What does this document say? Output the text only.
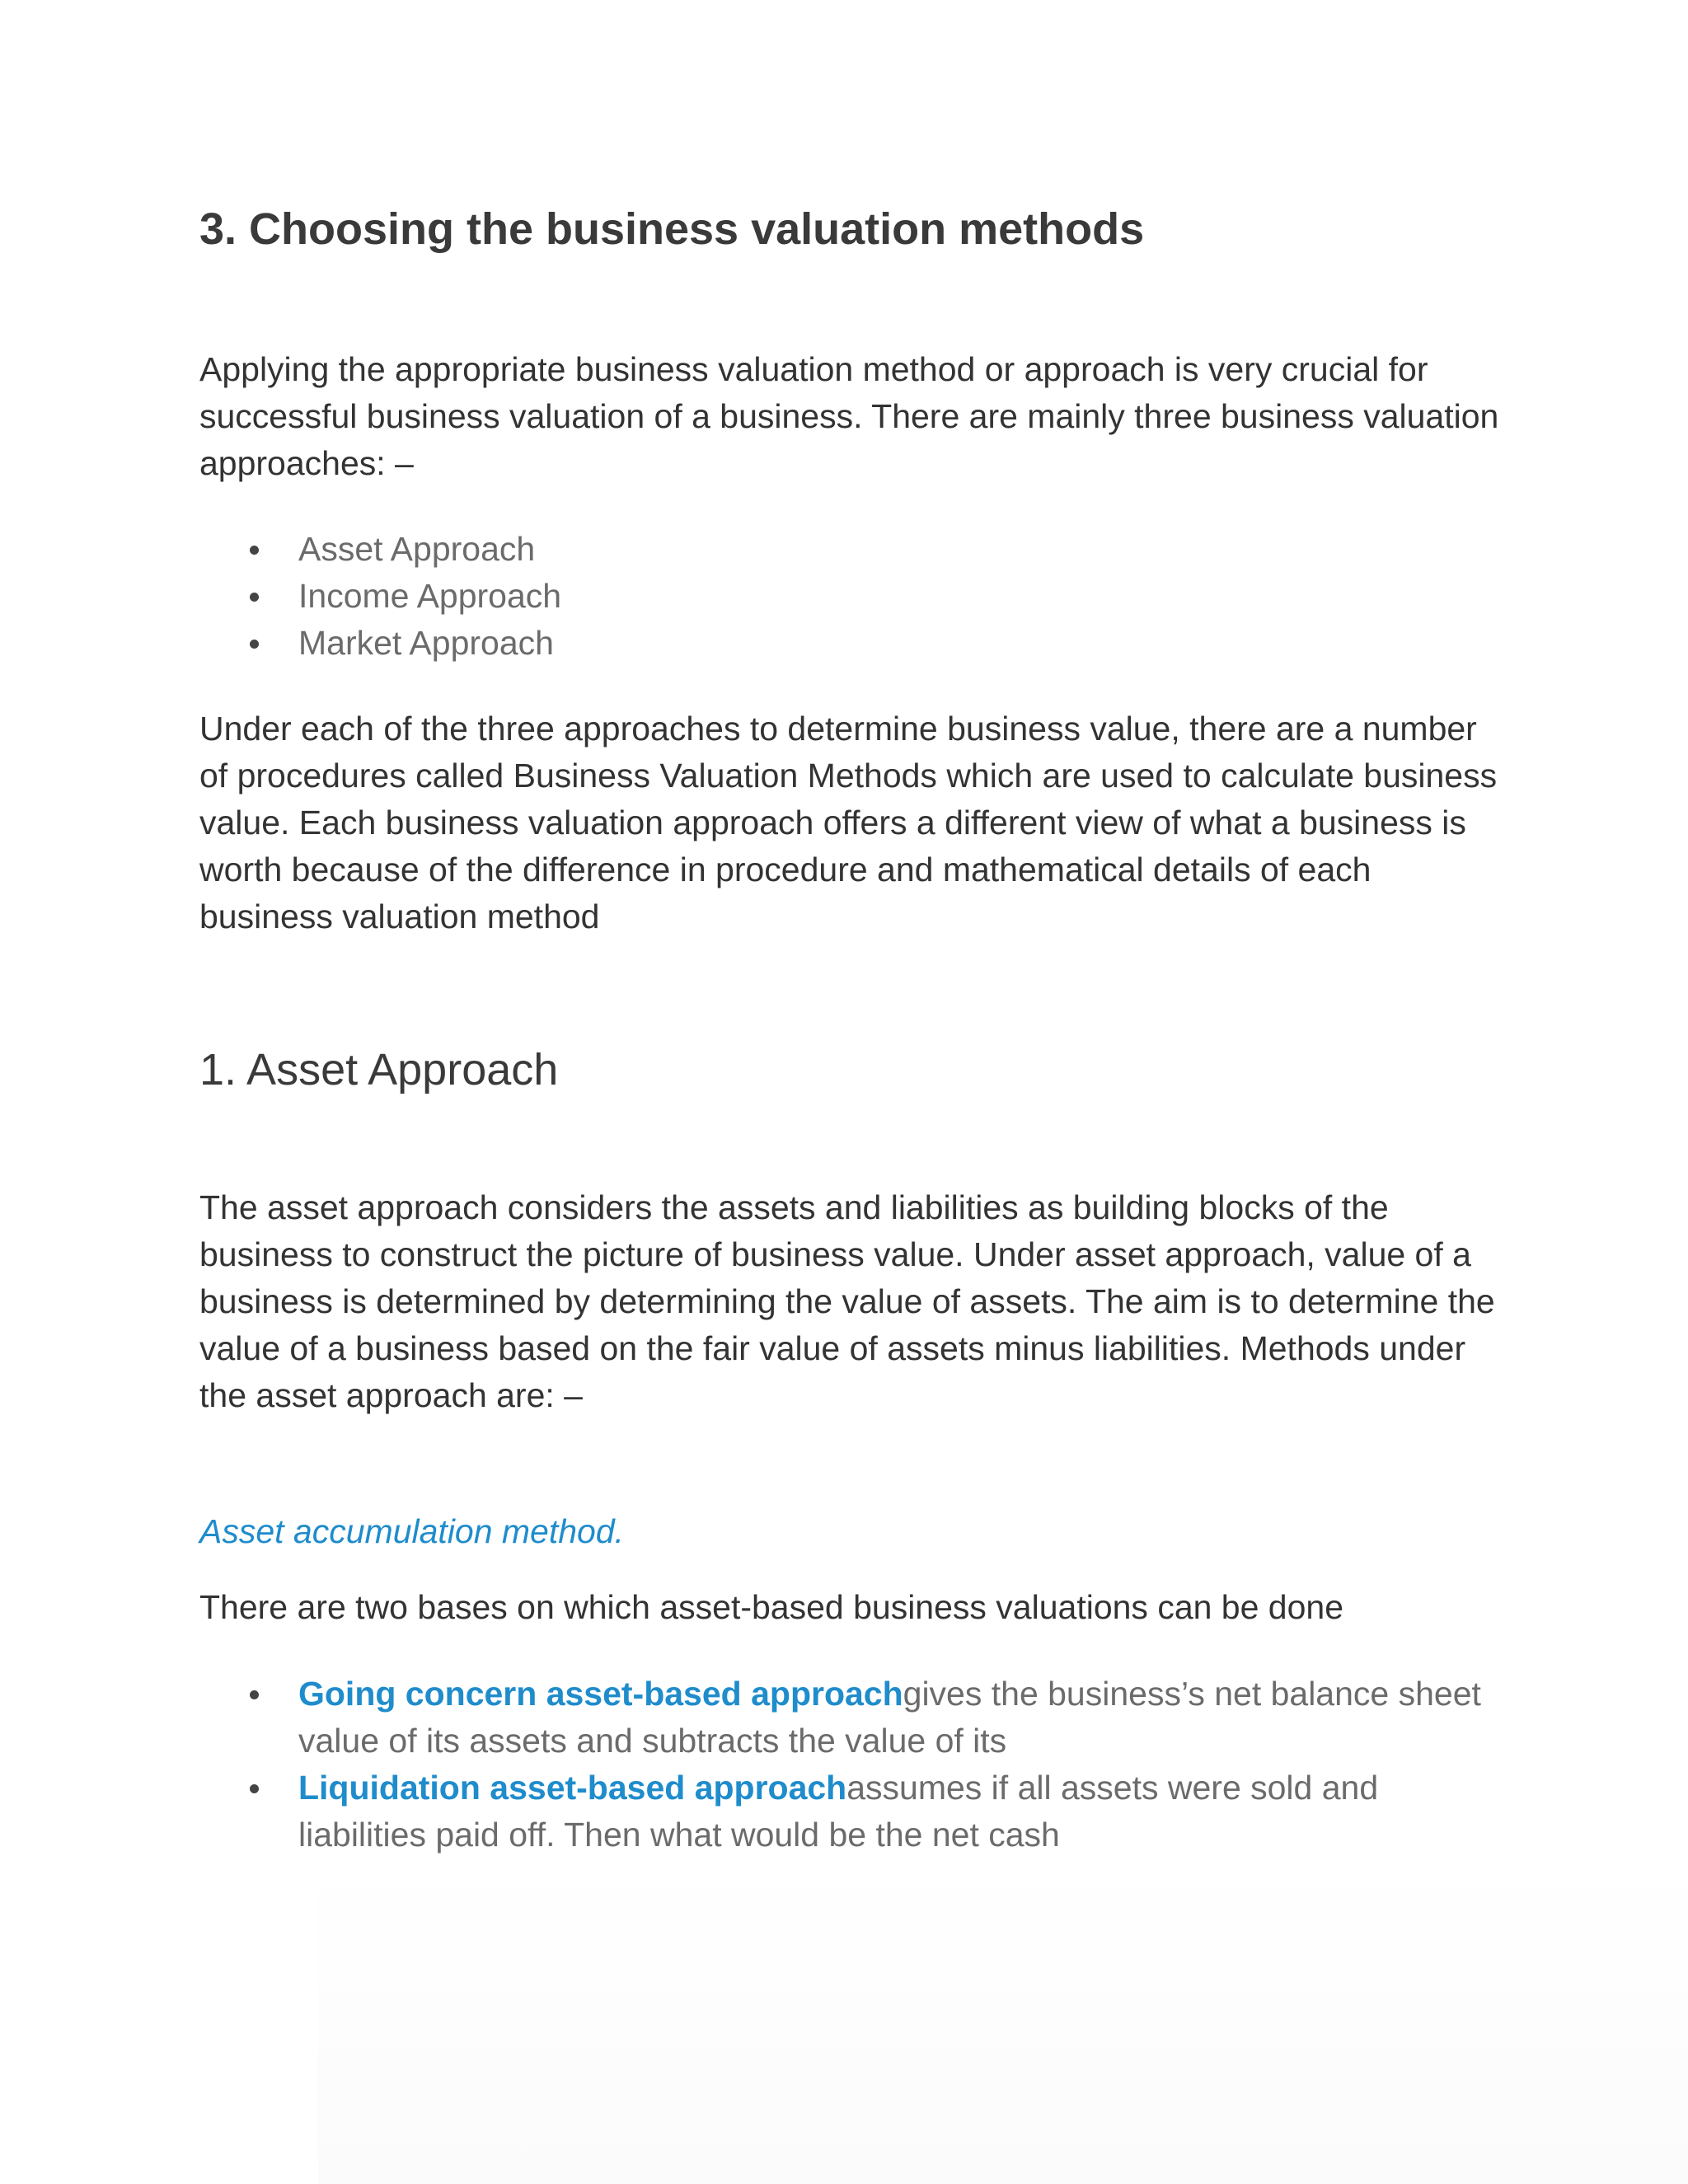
3. Choosing the business valuation methods

Applying the appropriate business valuation method or approach is very crucial for successful business valuation of a business. There are mainly three business valuation approaches: –

Asset Approach
Income Approach
Market Approach

Under each of the three approaches to determine business value, there are a number of procedures called Business Valuation Methods which are used to calculate business value. Each business valuation approach offers a different view of what a business is worth because of the difference in procedure and mathematical details of each business valuation method

1. Asset Approach

The asset approach considers the assets and liabilities as building blocks of the business to construct the picture of business value. Under asset approach, value of a business is determined by determining the value of assets. The aim is to determine the value of a business based on the fair value of assets minus liabilities. Methods under the asset approach are: –

Asset accumulation method.

There are two bases on which asset-based business valuations can be done

Going concern asset-based approachgives the business’s net balance sheet value of its assets and subtracts the value of its
Liquidation asset-based approachassumes if all assets were sold and liabilities paid off. Then what would be the net cash
